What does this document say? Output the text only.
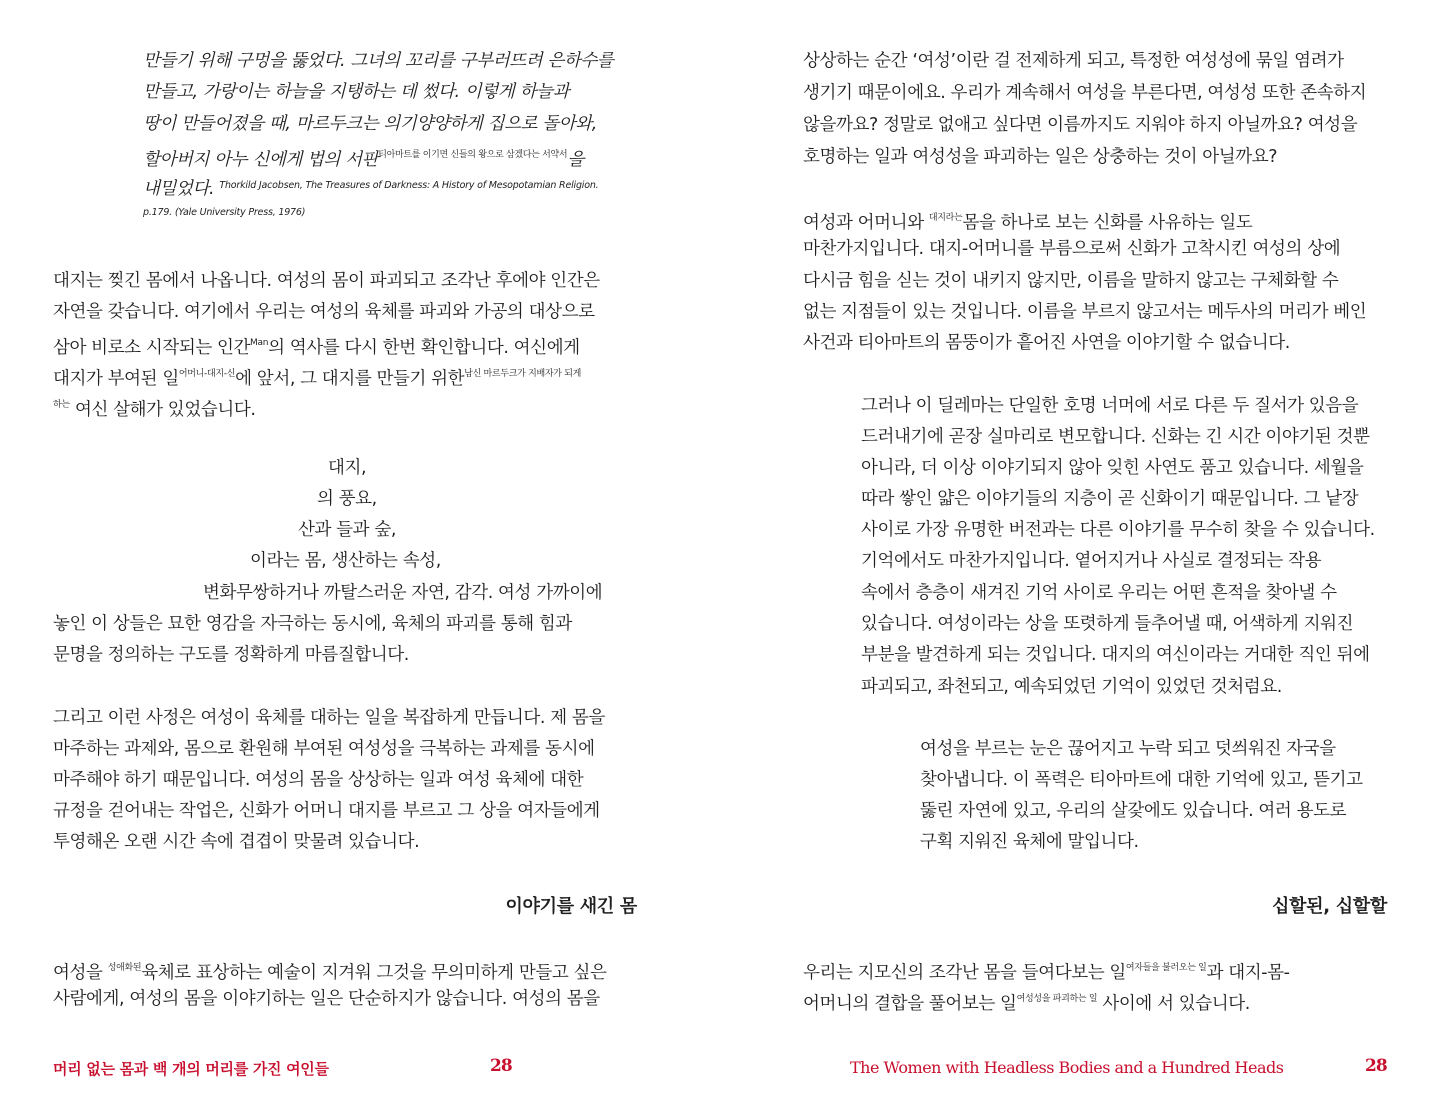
만들기 위해 구멍을 뚫었다. 그녀의 꼬리를 구부러뜨려 은하수를
만들고, 가랑이는 하늘을 지탱하는 데 썼다. 이렇게 하늘과
땅이 만들어졌을 때, 마르두크는 의기양양하게 집으로 돌아와,
할아버지 아누 신에게 법의 서판$^{티아마트를 이기면 신들의 왕으로 삼겠다는 서약서}$을
내밀었다. $^{Thorkild Jacobsen, The Treasures of Darkness: A History of Mesopotamian Religion.}$
p.179. (Yale University Press, 1976)
대지는 찢긴 몸에서 나옵니다. 여성의 몸이 파괴되고 조각난 후에야 인간은
자연을 갖습니다. 여기에서 우리는 여성의 육체를 파괴와 가공의 대상으로
삼아 비로소 시작되는 인간$^{Man}$의 역사를 다시 한번 확인합니다. 여신에게
대지가 부여된 일$^{어머니-대지-신}$에 앞서, 그 대지를 만들기 위한$^{남신 마르두크가 지배자가 되게}$
$^{하는}$ 여신 살해가 있었습니다.
대지,
의 풍요,
산과 들과 숲,
이라는 몸, 생산하는 속성,
변화무쌍하거나 까탈스러운 자연, 감각. 여성 가까이에
놓인 이 상들은 묘한 영감을 자극하는 동시에, 육체의 파괴를 통해 힘과
문명을 정의하는 구도를 정확하게 마름질합니다.
그리고 이런 사정은 여성이 육체를 대하는 일을 복잡하게 만듭니다. 제 몸을
마주하는 과제와, 몸으로 환원해 부여된 여성성을 극복하는 과제를 동시에
마주해야 하기 때문입니다. 여성의 몸을 상상하는 일과 여성 육체에 대한
규정을 걷어내는 작업은, 신화가 어머니 대지를 부르고 그 상을 여자들에게
투영해온 오랜 시간 속에 겹겹이 맞물려 있습니다.
이야기를 새긴 몸
여성을 $^{성애화된}$육체로 표상하는 예술이 지겨워 그것을 무의미하게 만들고 싶은
사람에게, 여성의 몸을 이야기하는 일은 단순하지가 않습니다. 여성의 몸을
머리 없는 몸과 백 개의 머리를 가진 여인들	28
상상하는 순간 ‘여성’이란 걸 전제하게 되고, 특정한 여성성에 묶일 염려가
생기기 때문이에요. 우리가 계속해서 여성을 부른다면, 여성성 또한 존속하지
않을까요? 정말로 없애고 싶다면 이름까지도 지워야 하지 아닐까요? 여성을
호명하는 일과 여성성을 파괴하는 일은 상충하는 것이 아닐까요?
여성과 어머니와 $^{대지라는}$몸을 하나로 보는 신화를 사유하는 일도
마찬가지입니다. 대지-어머니를 부름으로써 신화가 고착시킨 여성의 상에
다시금 힘을 싣는 것이 내키지 않지만, 이름을 말하지 않고는 구체화할 수
없는 지점들이 있는 것입니다. 이름을 부르지 않고서는 메두사의 머리가 베인
사건과 티아마트의 몸뚱이가 흩어진 사연을 이야기할 수 없습니다.
그러나 이 딜레마는 단일한 호명 너머에 서로 다른 두 질서가 있음을
드러내기에 곧장 실마리로 변모합니다. 신화는 긴 시간 이야기된 것뿐
아니라, 더 이상 이야기되지 않아 잊힌 사연도 품고 있습니다. 세월을
따라 쌓인 얇은 이야기들의 지층이 곧 신화이기 때문입니다. 그 낱장
사이로 가장 유명한 버전과는 다른 이야기를 무수히 찾을 수 있습니다.
기억에서도 마찬가지입니다. 옅어지거나 사실로 결정되는 작용
속에서 층층이 새겨진 기억 사이로 우리는 어떤 흔적을 찾아낼 수
있습니다. 여성이라는 상을 또렷하게 들추어낼 때, 어색하게 지워진
부분을 발견하게 되는 것입니다. 대지의 여신이라는 거대한 직인 뒤에
파괴되고, 좌천되고, 예속되었던 기억이 있었던 것처럼요.
여성을 부르는 눈은 끊어지고 누락 되고 덧씌워진 자국을
찾아냅니다. 이 폭력은 티아마트에 대한 기억에 있고, 뜯기고
뚫린 자연에 있고, 우리의 살갗에도 있습니다. 여러 용도로
구획 지워진 육체에 말입니다.
십할된, 십할할
우리는 지모신의 조각난 몸을 들여다보는 일$^{여자들을 불러오는 일}$과 대지-몸-
어머니의 결합을 풀어보는 일$^{여성성을 파괴하는 일}$ 사이에 서 있습니다.
The Women with Headless Bodies and a Hundred Heads	28
